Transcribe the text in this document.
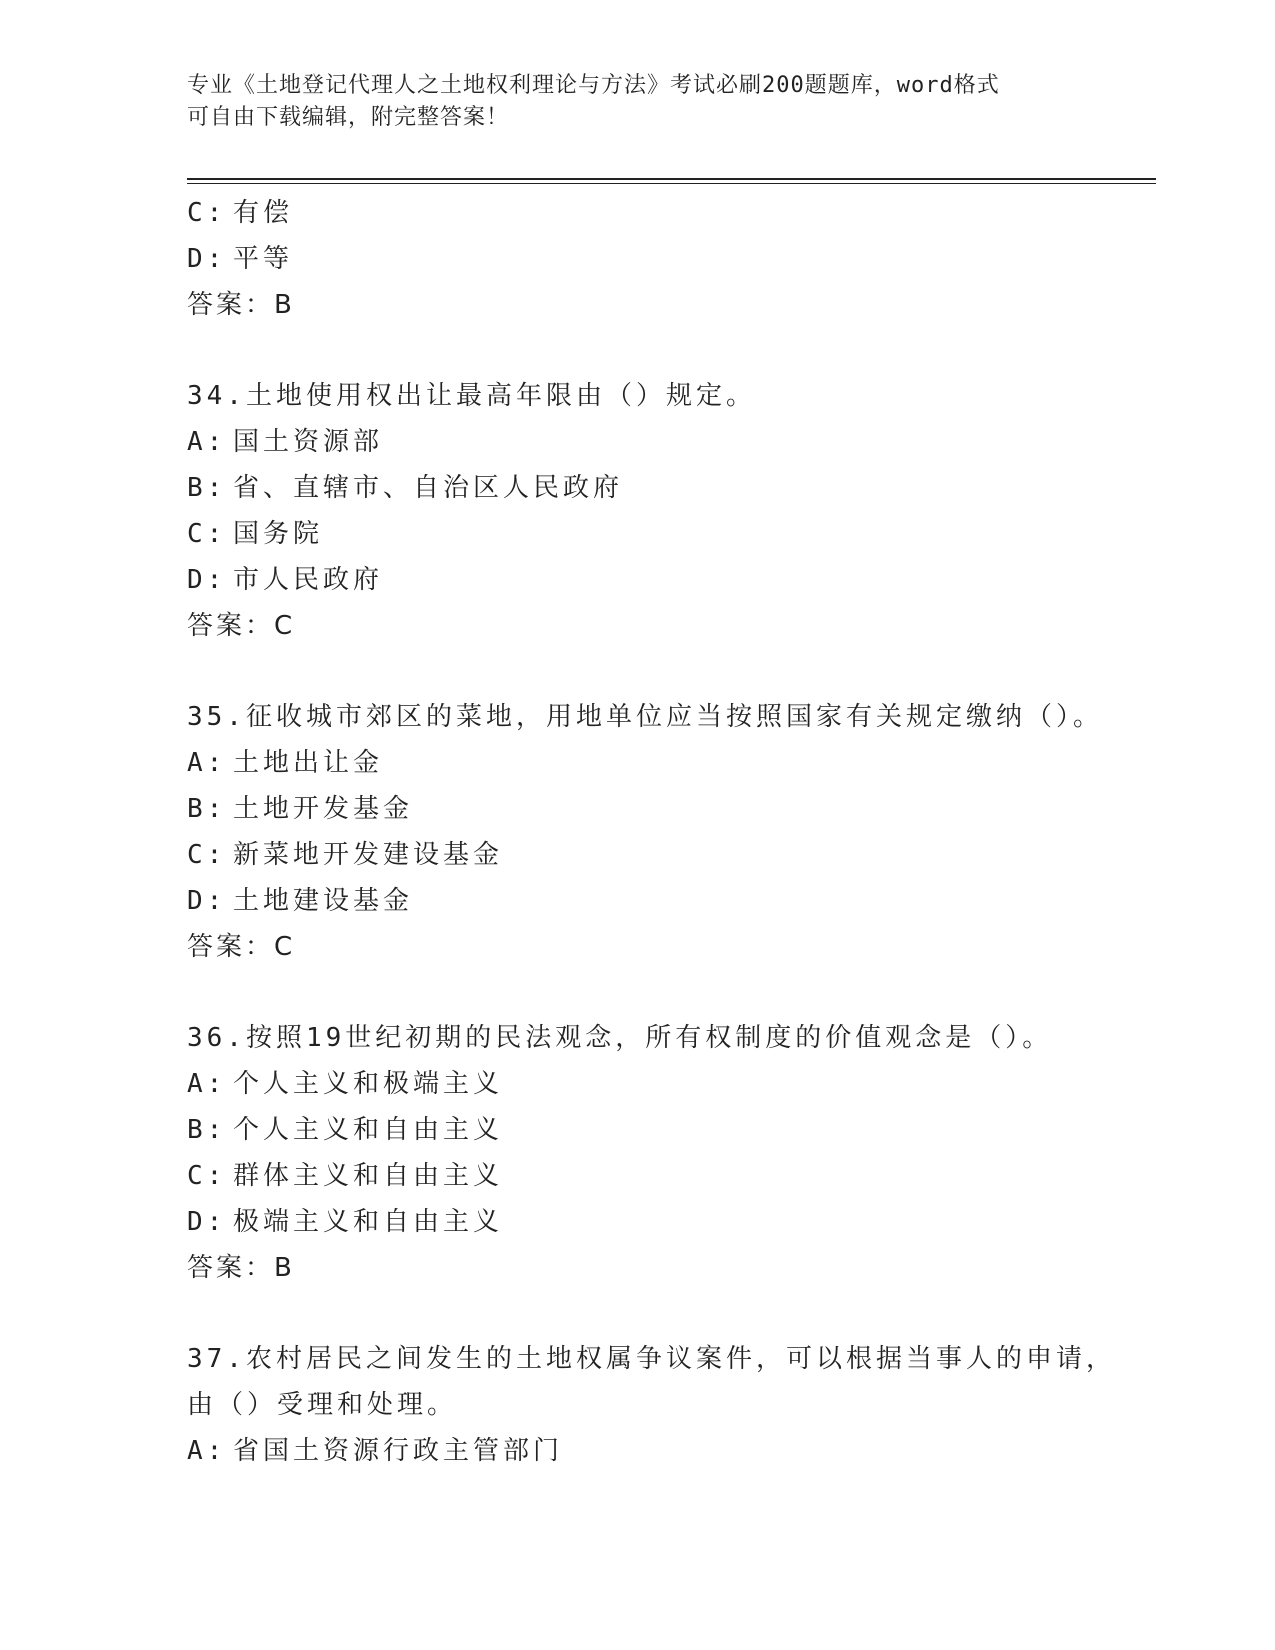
专业《土地登记代理人之土地权利理论与方法》考试必刷200题题库，word格式
可自由下载编辑，附完整答案！
C: 有偿
D: 平等
答案：B
34.土地使用权出让最高年限由（）规定。
A: 国土资源部
B: 省、直辖市、自治区人民政府
C: 国务院
D: 市人民政府
答案：C
35.征收城市郊区的菜地，用地单位应当按照国家有关规定缴纳（）。
A: 土地出让金
B: 土地开发基金
C: 新菜地开发建设基金
D: 土地建设基金
答案：C
36.按照19世纪初期的民法观念，所有权制度的价值观念是（）。
A: 个人主义和极端主义
B: 个人主义和自由主义
C: 群体主义和自由主义
D: 极端主义和自由主义
答案：B
37.农村居民之间发生的土地权属争议案件，可以根据当事人的申请，
由（）受理和处理。
A: 省国土资源行政主管部门
